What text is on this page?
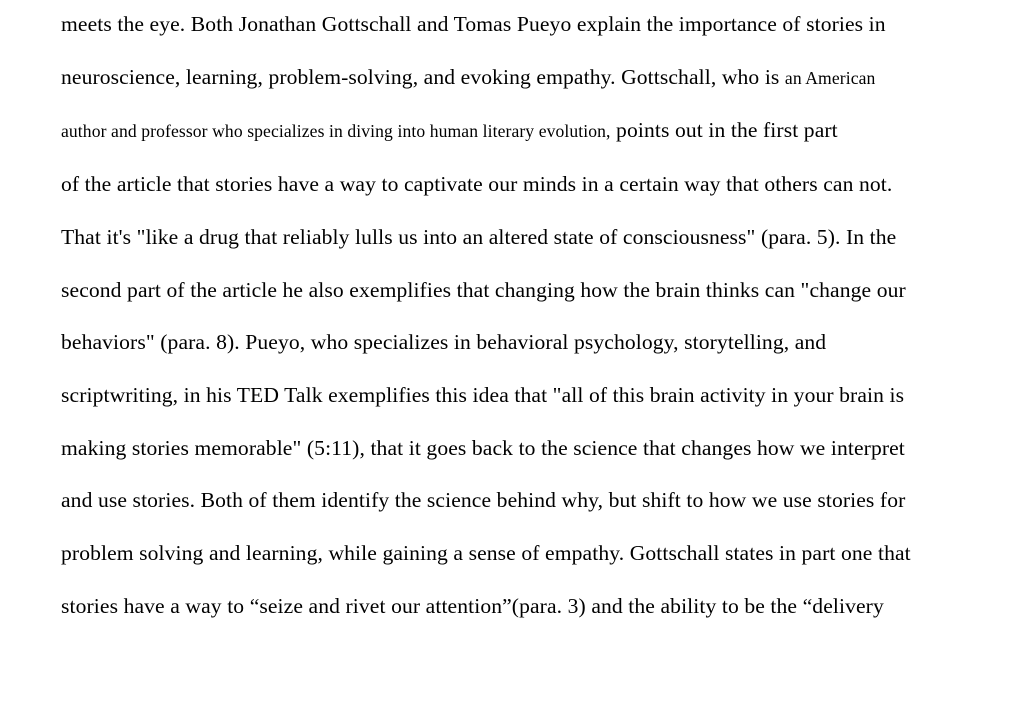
meets the eye. Both Jonathan Gottschall and Tomas Pueyo explain the importance of stories in
neuroscience, learning, problem-solving, and evoking empathy. Gottschall, who is an American
author and professor who specializes in diving into human literary evolution, points out in the first part
of the article that stories have a way to captivate our minds in a certain way that others can not.
That it's "like a drug that reliably lulls us into an altered state of consciousness" (para. 5). In the
second part of the article he also exemplifies that changing how the brain thinks can "change our
behaviors" (para. 8). Pueyo, who specializes in behavioral psychology, storytelling, and
scriptwriting, in his TED Talk exemplifies this idea that "all of this brain activity in your brain is
making stories memorable" (5:11), that it goes back to the science that changes how we interpret
and use stories. Both of them identify the science behind why, but shift to how we use stories for
problem solving and learning, while gaining a sense of empathy. Gottschall states in part one that
stories have a way to “seize and rivet our attention”(para. 3) and the ability to be the “delivery
